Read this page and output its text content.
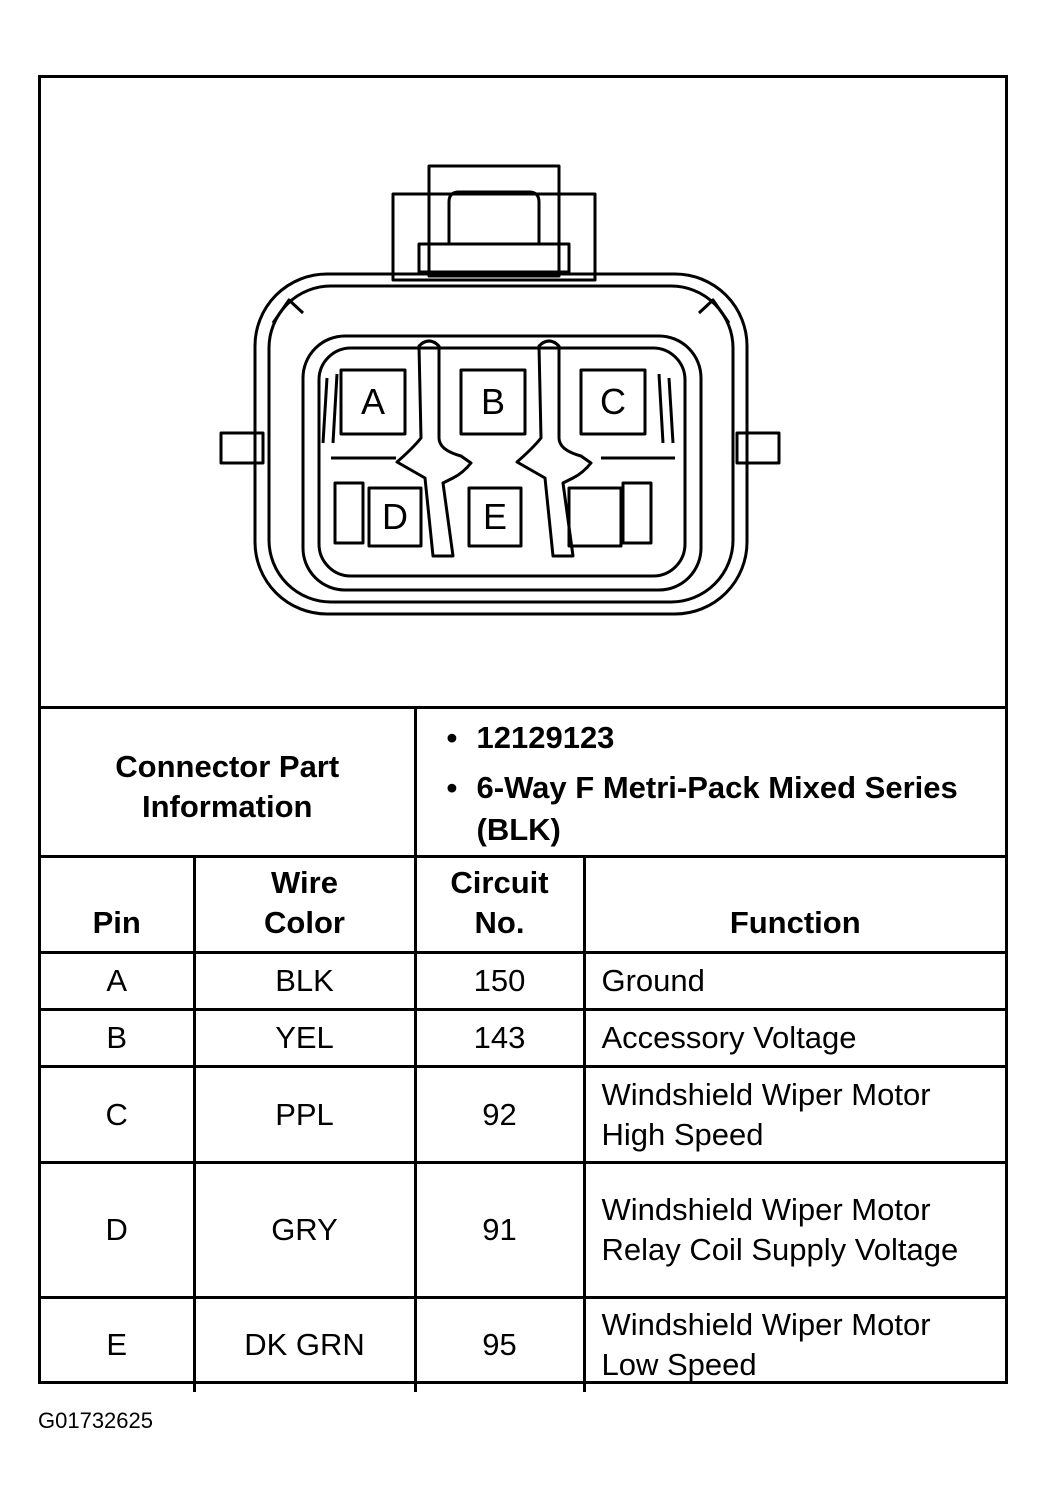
A	B	C
D	E
Connector Part Information	
• 12129123
• 6-Way F Metri-Pack Mixed Series (BLK)
Pin	Wire Color	Circuit No.	Function
A	BLK	150	Ground
B	YEL	143	Accessory Voltage
C	PPL	92	Windshield Wiper Motor High Speed
D	GRY	91	Windshield Wiper Motor Relay Coil Supply Voltage
E	DK GRN	95	Windshield Wiper Motor Low Speed
G01732625
